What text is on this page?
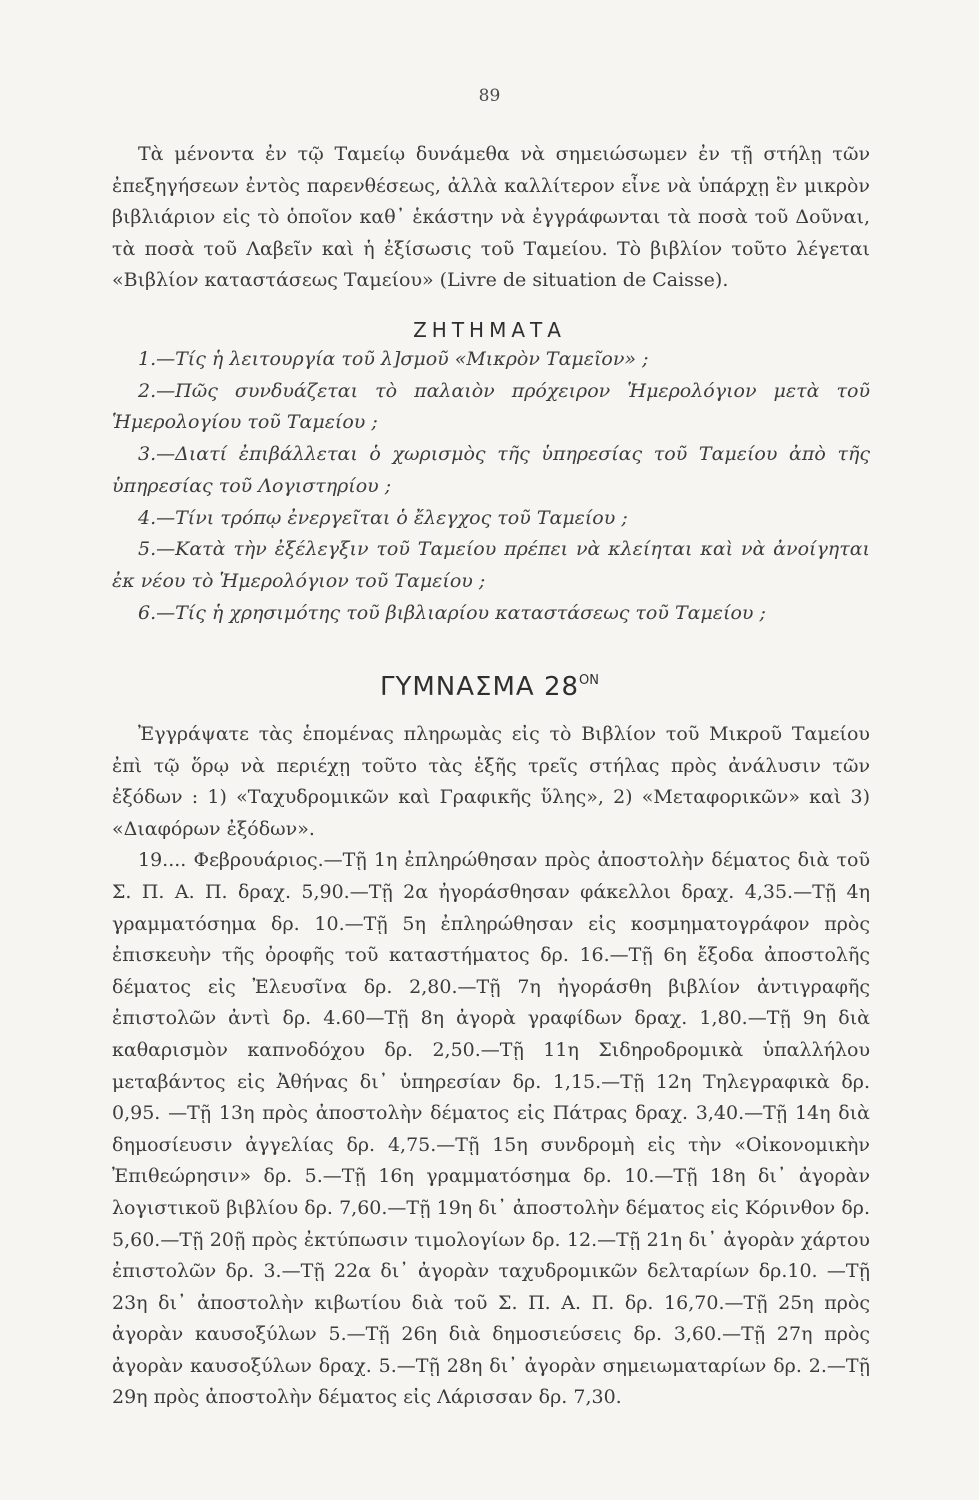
89

Τὰ μένοντα ἐν τῷ Ταμείῳ δυνάμεθα νὰ σημειώσωμεν ἐν τῇ στήλῃ τῶν ἐπεξηγήσεων ἐντὸς παρενθέσεως, ἀλλὰ καλλίτερον εἶνε νὰ ὑπάρχῃ ἓν μικρὸν βιβλιάριον εἰς τὸ ὁποῖον καθ᾽ ἑκάστην νὰ ἐγγράφωνται τὰ ποσὰ τοῦ Δοῦναι, τὰ ποσὰ τοῦ Λαβεῖν καὶ ἡ ἐξίσωσις τοῦ Ταμείου. Τὸ βιβλίον τοῦτο λέγεται «Βιβλίον καταστάσεως Ταμείου» (Livre de situation de Caisse).

ΖΗΤΗΜΑΤΑ

1.—Τίς ἡ λειτουργία τοῦ λ]σμοῦ «Μικρὸν Ταμεῖον» ;

2.—Πῶς συνδυάζεται τὸ παλαιὸν πρόχειρον Ἡμερολόγιον μετὰ τοῦ Ἡμερολογίου τοῦ Ταμείου ;

3.—Διατί ἐπιβάλλεται ὁ χωρισμὸς τῆς ὑπηρεσίας τοῦ Ταμείου ἀπὸ τῆς ὑπηρεσίας τοῦ Λογιστηρίου ;

4.—Τίνι τρόπῳ ἐνεργεῖται ὁ ἔλεγχος τοῦ Ταμείου ;

5.—Κατὰ τὴν ἐξέλεγξιν τοῦ Ταμείου πρέπει νὰ κλείηται καὶ νὰ ἀνοίγηται ἐκ νέου τὸ Ἡμερολόγιον τοῦ Ταμείου ;

6.—Τίς ἡ χρησιμότης τοῦ βιβλιαρίου καταστάσεως τοῦ Ταμείου ;

ΓΥΜΝΑΣΜΑ $28^{ON}$

Ἐγγράψατε τὰς ἑπομένας πληρωμὰς εἰς τὸ Βιβλίον τοῦ Μικροῦ Ταμείου ἐπὶ τῷ ὅρῳ νὰ περιέχῃ τοῦτο τὰς ἑξῆς τρεῖς στήλας πρὸς ἀνάλυσιν τῶν ἐξόδων : 1) «Ταχυδρομικῶν καὶ Γραφικῆς ὕλης», 2) «Μεταφορικῶν» καὶ 3) «Διαφόρων ἐξόδων».

19.... Φεβρουάριος.—Τῇ 1η ἐπληρώθησαν πρὸς ἀποστολὴν δέματος διὰ τοῦ Σ. Π. Α. Π. δραχ. 5,90.—Τῇ 2α ἠγοράσθησαν φάκελλοι δραχ. 4,35.—Τῇ 4η γραμματόσημα δρ. 10.—Τῇ 5η ἐπληρώθησαν εἰς κοσμηματογράφον πρὸς ἐπισκευὴν τῆς ὀροφῆς τοῦ καταστήματος δρ. 16.—Τῇ 6η ἔξοδα ἀποστολῆς δέματος εἰς Ἐλευσῖνα δρ. 2,80.—Τῇ 7η ἠγοράσθη βιβλίον ἀντιγραφῆς ἐπιστολῶν ἀντὶ δρ. 4.60—Τῇ 8η ἀγορὰ γραφίδων δραχ. 1,80.—Τῇ 9η διὰ καθαρισμὸν καπνοδόχου δρ. 2,50.—Τῇ 11η Σιδηροδρομικὰ ὑπαλλήλου μεταβάντος εἰς Ἀθήνας δι᾽ ὑπηρεσίαν δρ. 1,15.—Τῇ 12η Τηλεγραφικὰ δρ. 0,95. —Τῇ 13η πρὸς ἀποστολὴν δέματος εἰς Πάτρας δραχ. 3,40.—Τῇ 14η διὰ δημοσίευσιν ἀγγελίας δρ. 4,75.—Τῇ 15η συνδρομὴ εἰς τὴν «Οἰκονομικὴν Ἐπιθεώρησιν» δρ. 5.—Τῇ 16η γραμματόσημα δρ. 10.—Τῇ 18η δι᾽ ἀγορὰν λογιστικοῦ βιβλίου δρ. 7,60.—Τῇ 19η δι᾽ ἀποστολὴν δέματος εἰς Κόρινθον δρ. 5,60.—Τῇ 20ῇ πρὸς ἐκτύπωσιν τιμολογίων δρ. 12.—Τῇ 21η δι᾽ ἀγορὰν χάρτου ἐπιστολῶν δρ. 3.—Τῇ 22α δι᾽ ἀγορὰν ταχυδρομικῶν δελταρίων δρ.10. —Τῇ 23η δι᾽ ἀποστολὴν κιβωτίου διὰ τοῦ Σ. Π. Α. Π. δρ. 16,70.—Τῇ 25η πρὸς ἀγορὰν καυσοξύλων 5.—Τῇ 26η διὰ δημοσιεύσεις δρ. 3,60.—Τῇ 27η πρὸς ἀγορὰν καυσοξύλων δραχ. 5.—Τῇ 28η δι᾽ ἀγορὰν σημειωματαρίων δρ. 2.—Τῇ 29η πρὸς ἀποστολὴν δέματος εἰς Λάρισσαν δρ. 7,30.
